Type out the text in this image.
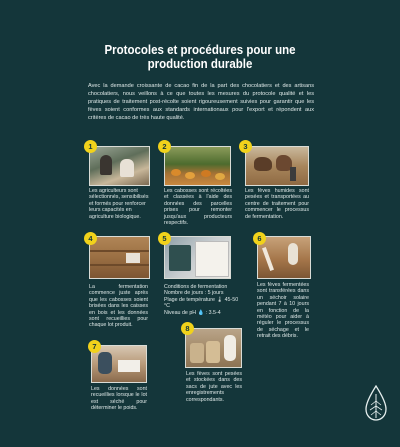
Protocoles et procédures pour une
production durable
Avec la demande croissante de cacao fin de la part des chocolatiers et des artisans chocolatiers, nous veillons à ce que toutes les mesures du protocole qualité et les pratiques de traitement post-récolte soient rigoureusement suivies pour garantir que les fèves soient conformes aux standards internationaux pour l'export et répondent aux critères de cacao de très haute qualité.
1
Les agriculteurs sont sélectionnés, sensibilisés et formés pour renforcer leurs capacités en agriculture biologique.
2
Les cabosses sont récoltées et classées à l'aide des données des parcelles prises pour remonter jusqu'aux producteurs respectifs.
3
Les fèves humides sont pesées et transportées au centre de traitement pour commencer le processus de fermentation.
4
La fermentation commence juste après que les cabosses soient brisées dans les caisses en bois et les données sont recueillies pour chaque lot produit.
5
Conditions de fermentation
Nombre de jours : 5 jours
Plage de température 🌡 45-50 °C
Niveau de pH 💧 : 3.5-4
6
Les fèves fermentées sont transférées dans un séchoir solaire pendant 7 à 10 jours en fonction de la météo pour aider à réguler le processus de séchage et le retrait des débris.
7
Les données sont recueillies lorsque le lot est séché pour déterminer le poids.
8
Les fèves sont pesées et stockées dans des sacs de jute avec les enregistrements correspondants.
